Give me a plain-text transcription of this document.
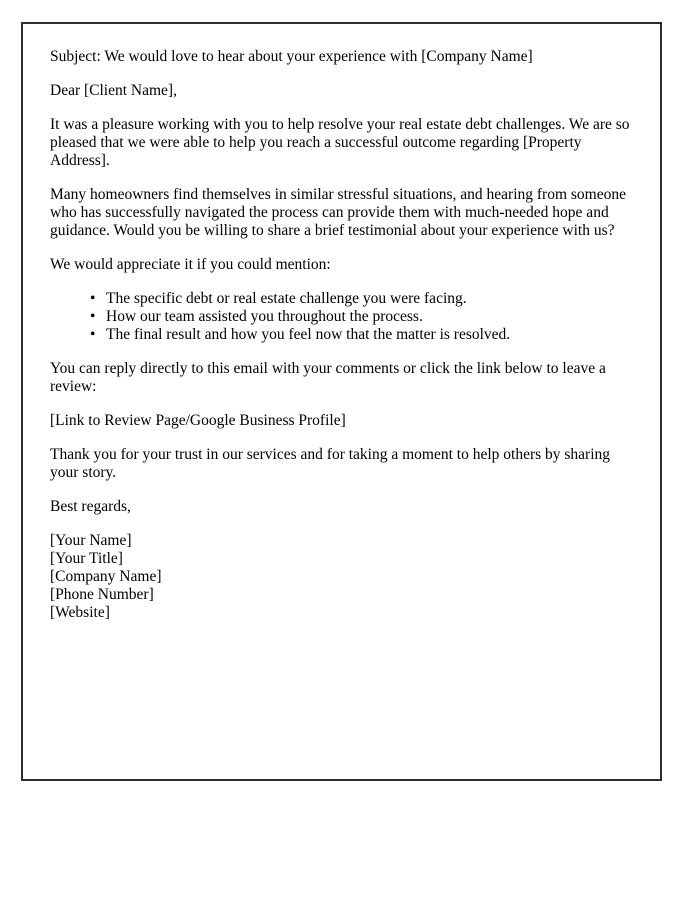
Subject: We would love to hear about your experience with [Company Name]

Dear [Client Name],

It was a pleasure working with you to help resolve your real estate debt challenges. We are so pleased that we were able to help you reach a successful outcome regarding [Property Address].

Many homeowners find themselves in similar stressful situations, and hearing from someone who has successfully navigated the process can provide them with much-needed hope and guidance. Would you be willing to share a brief testimonial about your experience with us?

We would appreciate it if you could mention:

• The specific debt or real estate challenge you were facing.
• How our team assisted you throughout the process.
• The final result and how you feel now that the matter is resolved.

You can reply directly to this email with your comments or click the link below to leave a review:

[Link to Review Page/Google Business Profile]

Thank you for your trust in our services and for taking a moment to help others by sharing your story.

Best regards,

[Your Name]
[Your Title]
[Company Name]
[Phone Number]
[Website]
